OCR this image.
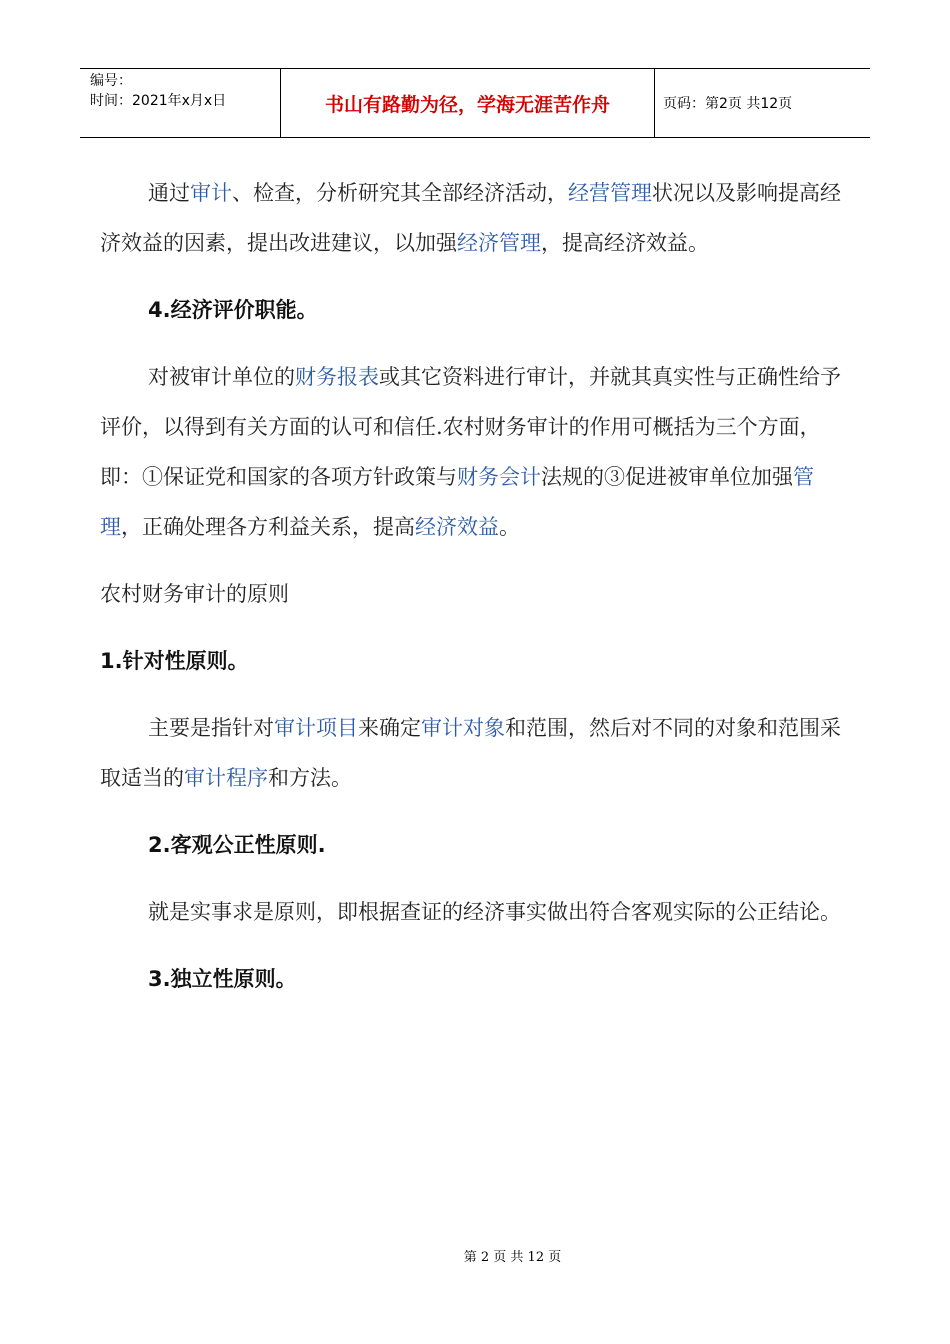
编号：
时间：2021年x月x日	书山有路勤为径，学海无涯苦作舟	页码：第2页 共12页

通过审计、检查，分析研究其全部经济活动，经营管理状况以及影响提高经济效益的因素，提出改进建议，以加强经济管理，提高经济效益。

4.经济评价职能。

对被审计单位的财务报表或其它资料进行审计，并就其真实性与正确性给予评价，以得到有关方面的认可和信任.农村财务审计的作用可概括为三个方面，即：①保证党和国家的各项方针政策与财务会计法规的③促进被审单位加强管理，正确处理各方利益关系，提高经济效益。

农村财务审计的原则

1.针对性原则。

主要是指针对审计项目来确定审计对象和范围，然后对不同的对象和范围采取适当的审计程序和方法。

2.客观公正性原则.

就是实事求是原则，即根据查证的经济事实做出符合客观实际的公正结论。

3.独立性原则。

第 2 页 共 12 页
